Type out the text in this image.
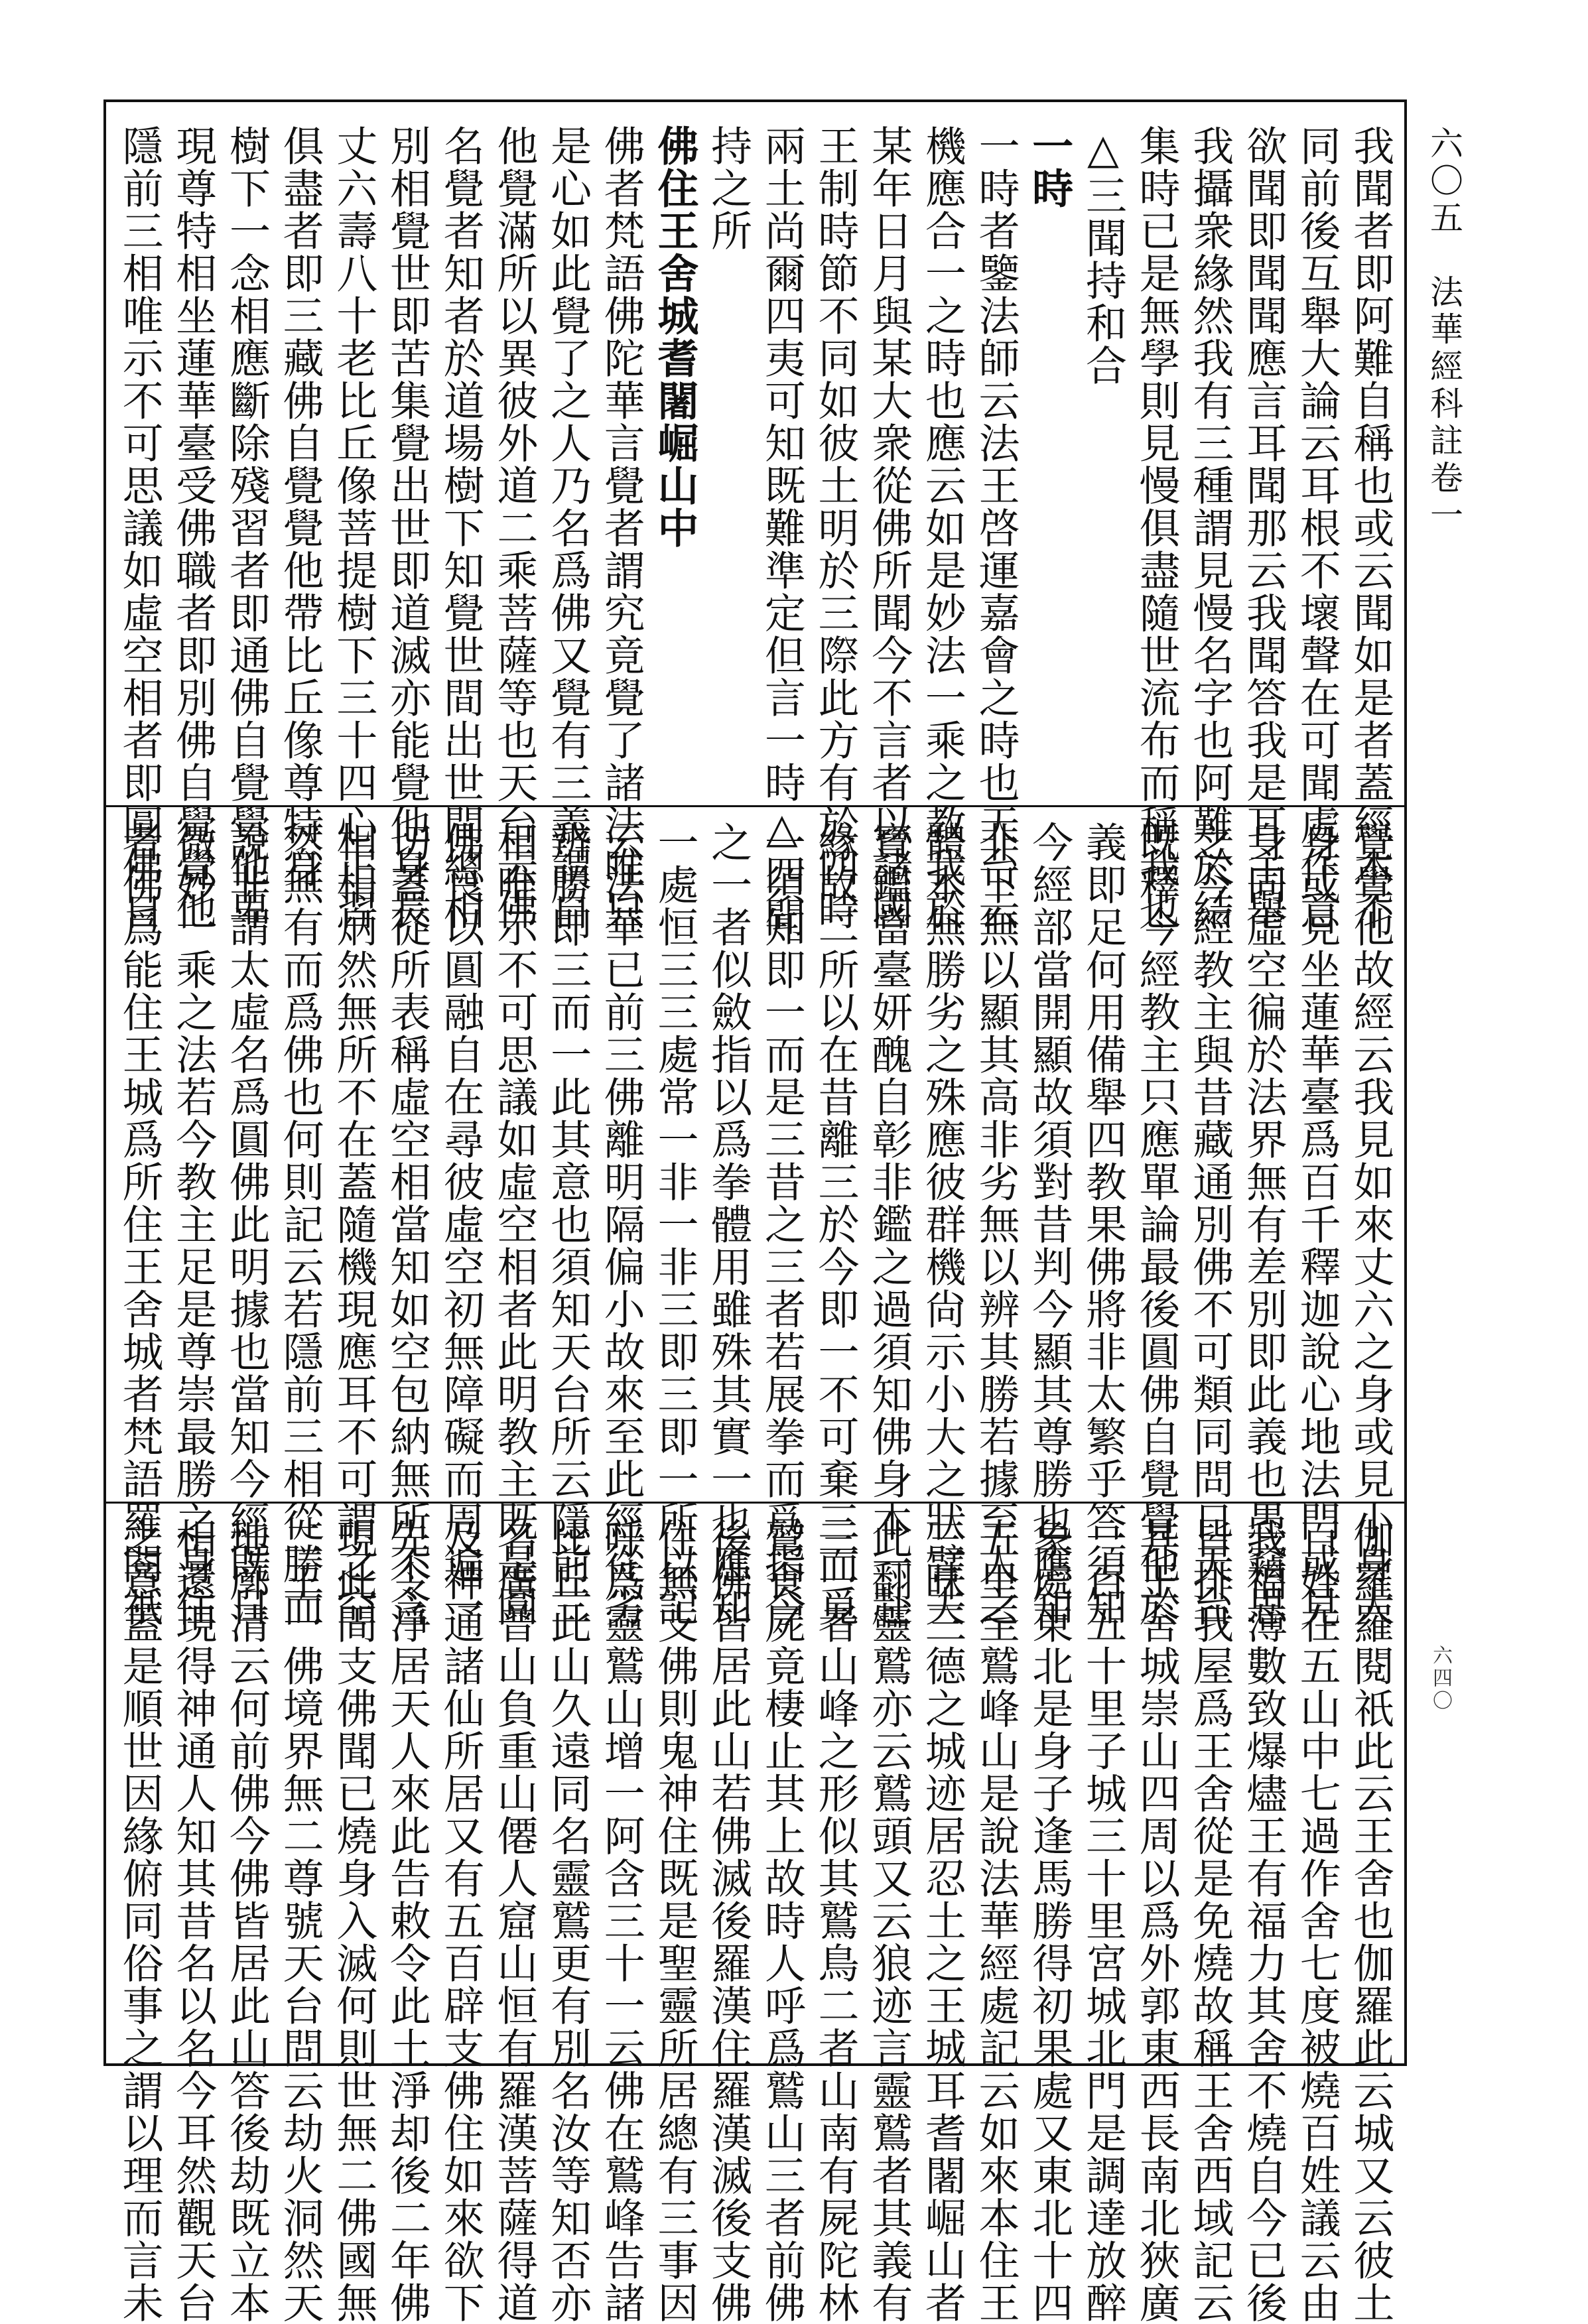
我聞者即阿難自稱也或云聞如是者蓋經本不
同前後互舉大論云耳根不壞聲在可聞處作意
欲聞即聞聞應言耳聞那云我聞答我是耳主舉
我攝衆緣然我有三種謂見慢名字也阿難於結
集時已是無學則見慢俱盡隨世流布而稱我也
△三聞持和合
一時
一時者鑒法師云法王啓運嘉會之時也天台云
機應合一之時也應云如是妙法一乘之教我於
某年日月與某大衆從佛所聞今不言者以諸國
王制時節不同如彼土明於三際此方有於四時
兩土尚爾四夷可知既難準定但言一時△四聞
持之所
佛住王舍城耆闍崛山中
佛者梵語佛陀華言覺者謂究竟覺了諸法唯只
是心如此覺了之人乃名爲佛又覺有三義謂自
他覺滿所以異彼外道二乘菩薩等也天台云佛
名覺者知者於道場樹下知覺世間出世間總相
別相覺世即苦集覺出世即道滅亦能覺他身長
丈六壽八十老比丘像菩提樹下三十四心正習
俱盡者即三藏佛自覺覺他帶比丘像尊特身
樹下一念相應斷除殘習者即通佛自覺覺他卑
現尊特相坐蓮華臺受佛職者即別佛自覺覺他
隱前三相唯示不可思議如虛空相者即圓佛自
覺覺他故經云我見如來丈六之身或見小身大
身或見坐蓮華臺爲百千釋迦說心地法門或見
身同虛空徧於法界無有差別即此義也愚竊思
之今經教主與昔藏通別佛不可類同問日天台
既釋今經教主只應單論最後圓佛自覺覺他於
義即足何用備舉四教果佛將非太繁乎答須知
今經部當開顯故須對昔判今顯其尊勝也應知
非下無以顯其高非劣無以辨其勝若據至人之
體本無勝劣之殊應彼群機尙示小大之狀譬夫
寶鑑當臺妍醜自彰非鑑之過須知佛身本一赴
緣故二所以在昔離三於今即一不可棄三而覓
一須知即一而是三昔之三者若展拳而爲指今
之一者似斂指以爲拳體用雖殊其實一也應知
一處恒三三處常一非一非三即三即一所以記
云法華已前三佛離明隔偏小故來至此經從劣
辨勝即三而一此其意也須知天台所云隱前三
相唯示不可思議如虛空相者此明教主既是圓
佛良以圓融自在尋彼虛空初無障礙而周遍一
切蓋從所表稱虛空相當知如空包納無所不含
相相炳然無所不在蓋隨機現應耳不可謂之空
然無有而爲佛也何則記云若隱前三相從勝而
說非謂太虛名爲圓佛此明據也當知今經既日
微妙一乘之法若今教主足是尊崇最勝之身住
者佛爲能住王城爲所住王舍城者梵語羅閱祇
伽羅羅閱祇此云王舍也伽羅此云城又云彼土
百姓在五山中七過作舍七度被燒百姓議云由
我福薄數致爆燼王有福力其舍不燒自今已後
皆排我屋爲王舍從是免燒故稱王舍西域記云
其王舍城崇山四周以爲外郭東西長南北狹廣
一百五十里子城三十里宮城北門是調達放醉
象處東北是身子逢馬勝得初果處又東北十四
五里至鷲峰山是說法華經處記云如來本住王
三昧三德之城迹居忍土之王城耳耆闍崛山者
此翻靈鷲亦云鷲頭又云狼迹言靈鷲者其義有
三一者山峰之形似其鷲鳥二者山南有屍陀林
鷲食屍竟棲止其上故時人呼爲鷲山三者前佛
後佛皆居此山若佛滅後羅漢住羅漢滅後支佛
住無支佛則鬼神住既是聖靈所居總有三事因
呼爲靈鷲山增一阿含三十一云佛在鷲峰告諸
比丘此山久遠同名靈鷲更有別名汝等知否亦
名廣普山負重山僊人窟山恒有羅漢菩薩得道
及神通諸仙所居又有五百辟支佛住如來欲下
先令淨居天人來此告敕令此土淨却後二年佛
現此間支佛聞已燒身入滅何則世無二佛國無
二王一佛境界無二尊號天台問云劫火洞然天
地廓清云何前佛今佛皆居此山答後劫既立本
相還現得神通人知其昔名以名今耳然觀天台
之意蓋是順世因緣俯同俗事之謂以理而言未
六〇五　法華經科註卷一
六四〇
